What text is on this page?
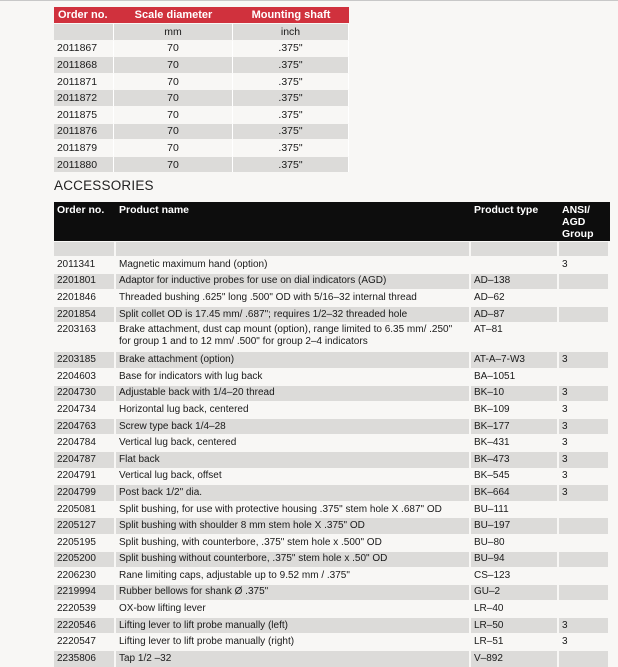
Order no.	Scale diameter	Mounting shaft
	mm	inch
2011867	70	.375"
2011868	70	.375"
2011871	70	.375"
2011872	70	.375"
2011875	70	.375"
2011876	70	.375"
2011879	70	.375"
2011880	70	.375"
ACCESSORIES
Order no.	Product name	Product type	ANSI/
AGD
Group

2011341	Magnetic maximum hand (option)		3
2201801	Adaptor for inductive probes for use on dial indicators (AGD)	AD–138	
2201846	Threaded bushing .625" long .500" OD with 5/16–32 internal thread	AD–62	
2201854	Split collet OD is 17.45 mm/ .687"; requires 1/2–32 threaded hole	AD–87	
2203163	Brake attachment, dust cap mount (option), range limited to 6.35 mm/ .250"
for group 1 and to 12 mm/ .500" for group 2–4 indicators	AT–81	
2203185	Brake attachment (option)	AT-A–7-W3	3
2204603	Base for indicators with lug back	BA–1051	
2204730	Adjustable back with 1/4–20 thread	BK–10	3
2204734	Horizontal lug back, centered	BK–109	3
2204763	Screw type back 1/4–28	BK–177	3
2204784	Vertical lug back, centered	BK–431	3
2204787	Flat back	BK–473	3
2204791	Vertical lug back, offset	BK–545	3
2204799	Post back 1/2" dia.	BK–664	3
2205081	Split bushing, for use with protective housing .375" stem hole X .687" OD	BU–111	
2205127	Split bushing with shoulder 8 mm stem hole X .375" OD	BU–197	
2205195	Split bushing, with counterbore, .375" stem hole x .500" OD	BU–80	
2205200	Split bushing without counterbore, .375" stem hole x .50" OD	BU–94	
2206230	Rane limiting caps, adjustable up to 9.52 mm / .375"	CS–123	
2219994	Rubber bellows for shank Ø .375"	GU–2	
2220539	OX-bow lifting lever	LR–40	
2220546	Lifting lever to lift probe manually (left)	LR–50	3
2220547	Lifting lever to lift probe manually (right)	LR–51	3
2235806	Tap 1/2 –32	V–892	
